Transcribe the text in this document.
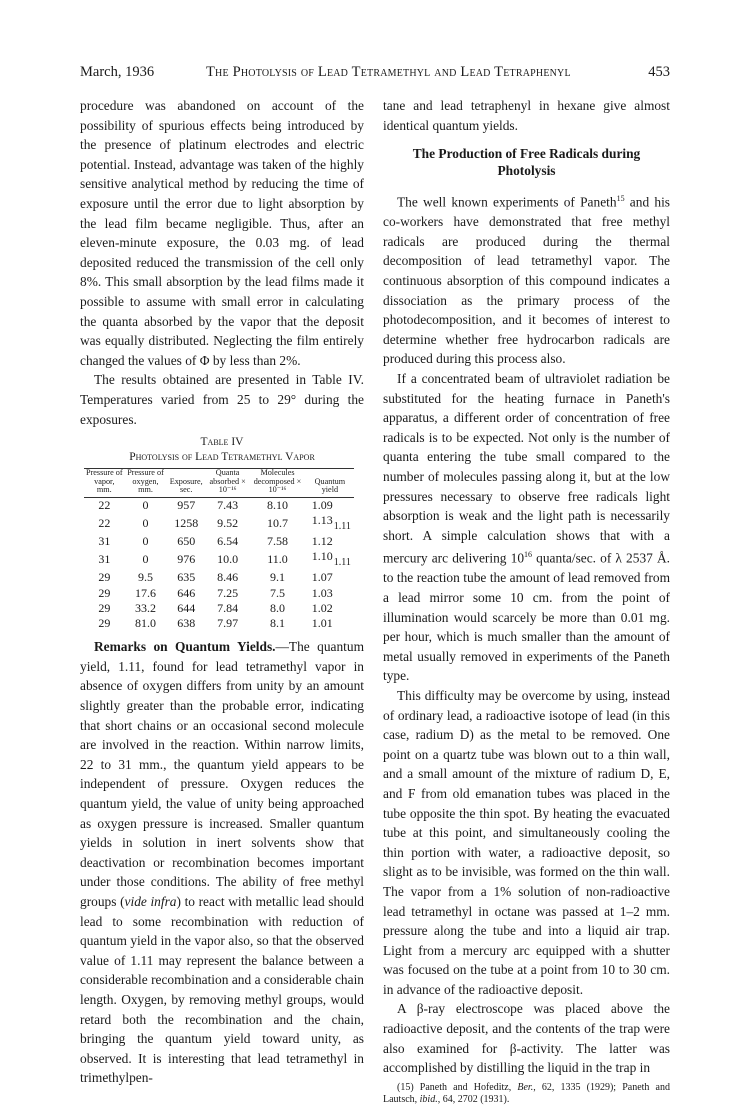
March, 1936	The Photolysis of Lead Tetramethyl and Lead Tetraphenyl	453

procedure was abandoned on account of the possibility of spurious effects being introduced by the presence of platinum electrodes and electric potential. Instead, advantage was taken of the highly sensitive analytical method by reducing the time of exposure until the error due to light absorption by the lead film became negligible. Thus, after an eleven-minute exposure, the 0.03 mg. of lead deposited reduced the transmission of the cell only 8%. This small absorption by the lead films made it possible to assume with small error in calculating the quanta absorbed by the vapor that the deposit was equally distributed. Neglecting the film entirely changed the values of Φ by less than 2%.

The results obtained are presented in Table IV. Temperatures varied from 25 to 29° during the exposures.

Table IV
Photolysis of Lead Tetramethyl Vapor
Pressure of vapor, mm.	Pressure of oxygen, mm.	Exposure, sec.	Quanta absorbed × 10⁻¹⁶	Molecules decomposed × 10⁻¹⁶	Quantum yield
22	0	957	7.43	8.10	1.09
22	0	1258	9.52	10.7	$1.13_{1.11}$
31	0	650	6.54	7.58	1.12
31	0	976	10.0	11.0	$1.10_{1.11}$
29	9.5	635	8.46	9.1	1.07
29	17.6	646	7.25	7.5	1.03
29	33.2	644	7.84	8.0	1.02
29	81.0	638	7.97	8.1	1.01

Remarks on Quantum Yields.—The quantum yield, 1.11, found for lead tetramethyl vapor in absence of oxygen differs from unity by an amount slightly greater than the probable error, indicating that short chains or an occasional second molecule are involved in the reaction. Within narrow limits, 22 to 31 mm., the quantum yield appears to be independent of pressure. Oxygen reduces the quantum yield, the value of unity being approached as oxygen pressure is increased. Smaller quantum yields in solution in inert solvents show that deactivation or recombination becomes important under those conditions. The ability of free methyl groups (vide infra) to react with metallic lead should lead to some recombination with reduction of quantum yield in the vapor also, so that the observed value of 1.11 may represent the balance between a considerable recombination and a considerable chain length. Oxygen, by removing methyl groups, would retard both the recombination and the chain, bringing the quantum yield toward unity, as observed. It is interesting that lead tetramethyl in trimethylpen-

tane and lead tetraphenyl in hexane give almost identical quantum yields.

The Production of Free Radicals during Photolysis

The well known experiments of Paneth$^{15}$ and his co-workers have demonstrated that free methyl radicals are produced during the thermal decomposition of lead tetramethyl vapor. The continuous absorption of this compound indicates a dissociation as the primary process of the photodecomposition, and it becomes of interest to determine whether free hydrocarbon radicals are produced during this process also.

If a concentrated beam of ultraviolet radiation be substituted for the heating furnace in Paneth's apparatus, a different order of concentration of free radicals is to be expected. Not only is the number of quanta entering the tube small compared to the number of molecules passing along it, but at the low pressures necessary to observe free radicals light absorption is weak and the light path is necessarily short. A simple calculation shows that with a mercury arc delivering $10^{16}$ quanta/sec. of λ 2537 Å. to the reaction tube the amount of lead removed from a lead mirror some 10 cm. from the point of illumination would scarcely be more than 0.01 mg. per hour, which is much smaller than the amount of metal usually removed in experiments of the Paneth type.

This difficulty may be overcome by using, instead of ordinary lead, a radioactive isotope of lead (in this case, radium D) as the metal to be removed. One point on a quartz tube was blown out to a thin wall, and a small amount of the mixture of radium D, E, and F from old emanation tubes was placed in the tube opposite the thin spot. By heating the evacuated tube at this point, and simultaneously cooling the thin portion with water, a radioactive deposit, so slight as to be invisible, was formed on the thin wall. The vapor from a 1% solution of non-radioactive lead tetramethyl in octane was passed at 1–2 mm. pressure along the tube and into a liquid air trap. Light from a mercury arc equipped with a shutter was focused on the tube at a point from 10 to 30 cm. in advance of the radioactive deposit.

A β-ray electroscope was placed above the radioactive deposit, and the contents of the trap were also examined for β-activity. The latter was accomplished by distilling the liquid in the trap in

(15) Paneth and Hofeditz, Ber., 62, 1335 (1929); Paneth and Lautsch, ibid., 64, 2702 (1931).
